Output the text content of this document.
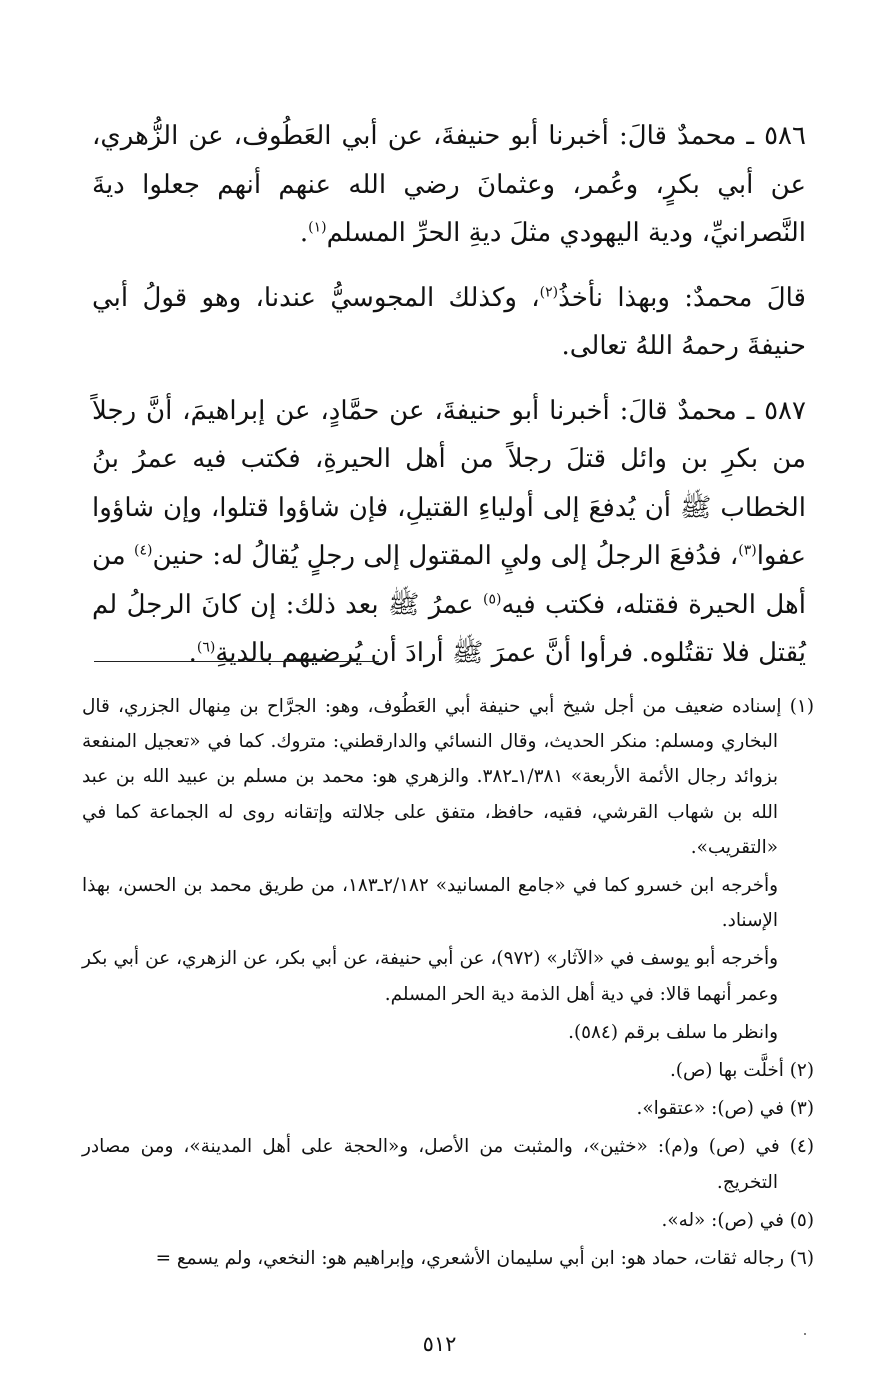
٥٨٦ ـ محمدٌ قالَ: أخبرنا أبو حنيفةَ، عن أبي العَطُوف، عن الزُّهري، عن أبي بكرٍ، وعُمر، وعثمانَ رضي الله عنهم أنهم جعلوا ديةَ النَّصرانيِّ، ودية اليهودي مثلَ ديةِ الحرِّ المسلم$^{(١)}$.

قالَ محمدٌ: وبهذا نأخذُ$^{(٢)}$، وكذلك المجوسيُّ عندنا، وهو قولُ أبي حنيفةَ رحمهُ اللهُ تعالى.

٥٨٧ ـ محمدٌ قالَ: أخبرنا أبو حنيفةَ، عن حمَّادٍ، عن إبراهيمَ، أنَّ رجلاً من بكرِ بن وائل قتلَ رجلاً من أهل الحيرةِ، فكتب فيه عمرُ بنُ الخطاب ﷺ أن يُدفعَ إلى أولياءِ القتيلِ، فإن شاؤوا قتلوا، وإن شاؤوا عفوا$^{(٣)}$، فدُفعَ الرجلُ إلى وليِ المقتول إلى رجلٍ يُقالُ له: حنين$^{(٤)}$ من أهل الحيرة فقتله، فكتب فيه$^{(٥)}$ عمرُ ﷺ بعد ذلك: إن كانَ الرجلُ لم يُقتل فلا تقتُلوه. فرأوا أنَّ عمرَ ﷺ أرادَ أن يُرضيهم بالديةِ$^{(٦)}$.

(١) إسناده ضعيف من أجل شيخ أبي حنيفة أبي العَطُوف، وهو: الجرَّاح بن مِنهال الجزري، قال البخاري ومسلم: منكر الحديث، وقال النسائي والدارقطني: متروك. كما في «تعجيل المنفعة بزوائد رجال الأئمة الأربعة» ١/٣٨١ـ٣٨٢. والزهري هو: محمد بن مسلم بن عبيد الله بن عبد الله بن شهاب القرشي، فقيه، حافظ، متفق على جلالته وإتقانه روى له الجماعة كما في «التقريب».

وأخرجه ابن خسرو كما في «جامع المسانيد» ٢/١٨٢ـ١٨٣، من طريق محمد بن الحسن، بهذا الإسناد.

وأخرجه أبو يوسف في «الآثار» (٩٧٢)، عن أبي حنيفة، عن أبي بكر، عن الزهري، عن أبي بكر وعمر أنهما قالا: في دية أهل الذمة دية الحر المسلم.

وانظر ما سلف برقم (٥٨٤).

(٢) أخلَّت بها (ص).

(٣) في (ص): «عتقوا».

(٤) في (ص) و(م): «خثين»، والمثبت من الأصل، و«الحجة على أهل المدينة»، ومن مصادر التخريج.

(٥) في (ص): «له».

(٦) رجاله ثقات، حماد هو: ابن أبي سليمان الأشعري، وإبراهيم هو: النخعي، ولم يسمع =

٥١٢
